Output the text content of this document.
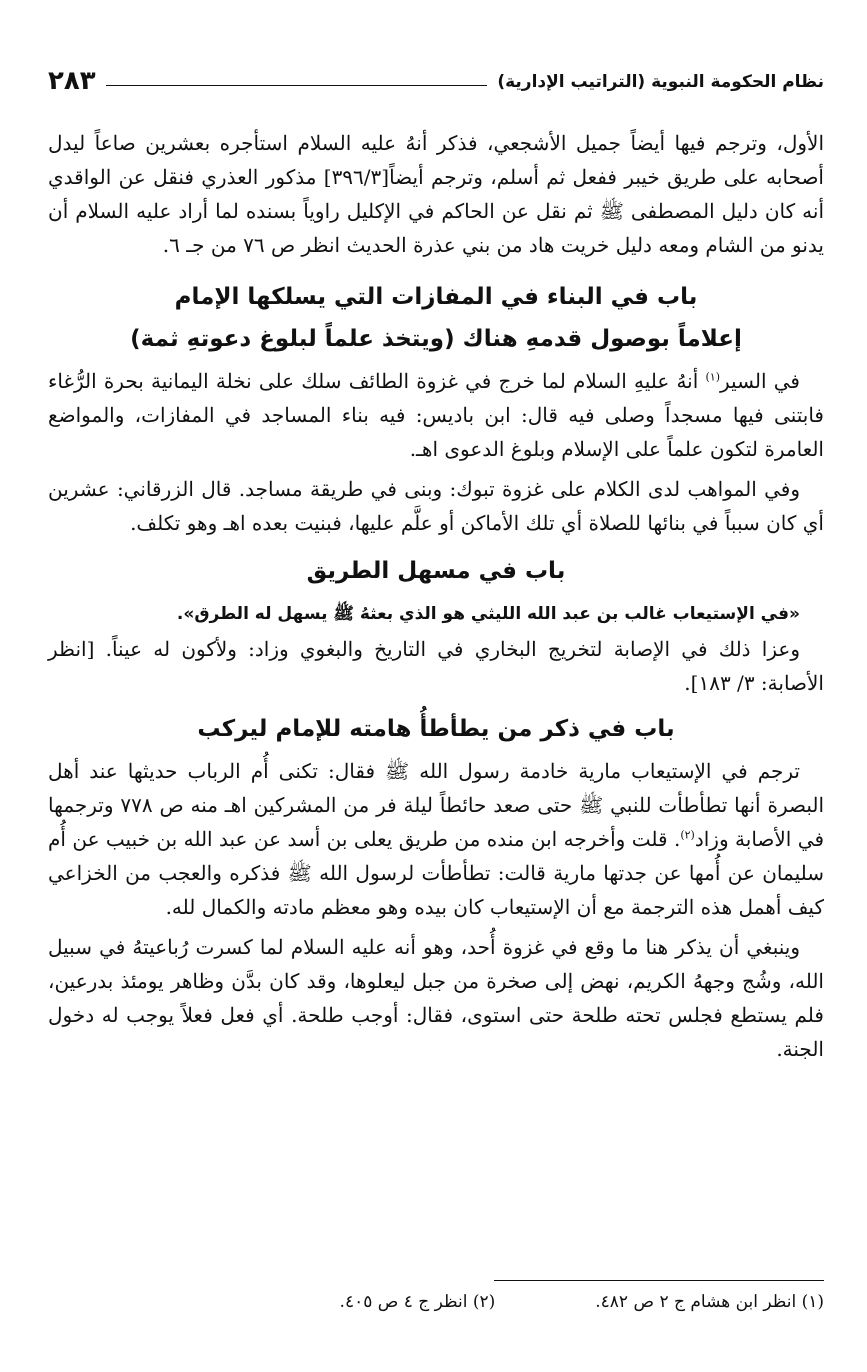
نظام الحكومة النبوية (التراتيب الإدارية)
٢٨٣

الأول، وترجم فيها أيضاً جميل الأشجعي، فذكر أنهُ عليه السلام استأجره بعشرين صاعاً ليدل أصحابه على طريق خيبر ففعل ثم أسلم، وترجم أيضاً[٣٩٦/٣] مذكور العذري فنقل عن الواقدي أنه كان دليل المصطفى ﷺ ثم نقل عن الحاكم في الإكليل راوياً بسنده لما أراد عليه السلام أن يدنو من الشام ومعه دليل خريت هاد من بني عذرة الحديث انظر ص ٧٦ من جـ ٦.

باب في البناء في المفازات التي يسلكها الإمام
إعلاماً بوصول قدمهِ هناك (ويتخذ علماً لبلوغ دعوتهِ ثمة)

في السير$^{(١)}$ أنهُ عليهِ السلام لما خرج في غزوة الطائف سلك على نخلة اليمانية بحرة الرُّغاء فابتنى فيها مسجداً وصلى فيه قال: ابن باديس: فيه بناء المساجد في المفازات، والمواضع العامرة لتكون علماً على الإسلام وبلوغ الدعوى اهـ.

وفي المواهب لدى الكلام على غزوة تبوك: وبنى في طريقة مساجد. قال الزرقاني: عشرين أي كان سبباً في بنائها للصلاة أي تلك الأماكن أو علَّم عليها، فبنيت بعده اهـ وهو تكلف.

باب في مسهل الطريق

«في الإستيعاب غالب بن عبد الله الليثي هو الذي بعثهُ ﷺ يسهل له الطرق».

وعزا ذلك في الإصابة لتخريج البخاري في التاريخ والبغوي وزاد: ولأكون له عيناً. [انظر الأصابة: ٣/ ١٨٣].

باب في ذكر من يطأطأُ هامته للإمام ليركب

ترجم في الإستيعاب مارية خادمة رسول الله ﷺ فقال: تكنى أُم الرباب حديثها عند أهل البصرة أنها تطأطأت للنبي ﷺ حتى صعد حائطاً ليلة فر من المشركين اهـ منه ص ٧٧٨ وترجمها في الأصابة وزاد$^{(٢)}$. قلت وأخرجه ابن منده من طريق يعلى بن أسد عن عبد الله بن خبيب عن أُم سليمان عن أُمها عن جدتها مارية قالت: تطأطأت لرسول الله ﷺ فذكره والعجب من الخزاعي كيف أهمل هذه الترجمة مع أن الإستيعاب كان بيده وهو معظم مادته والكمال لله.

وينبغي أن يذكر هنا ما وقع في غزوة أُحد، وهو أنه عليه السلام لما كسرت رُباعيتهُ في سبيل الله، وشُج وجههُ الكريم، نهض إلى صخرة من جبل ليعلوها، وقد كان بدَّن وظاهر يومئذ بدرعين، فلم يستطع فجلس تحته طلحة حتى استوى، فقال: أوجب طلحة. أي فعل فعلاً يوجب له دخول الجنة.

(١) انظر ابن هشام ج ٢ ص ٤٨٢.
(٢) انظر ج ٤ ص ٤٠٥.
